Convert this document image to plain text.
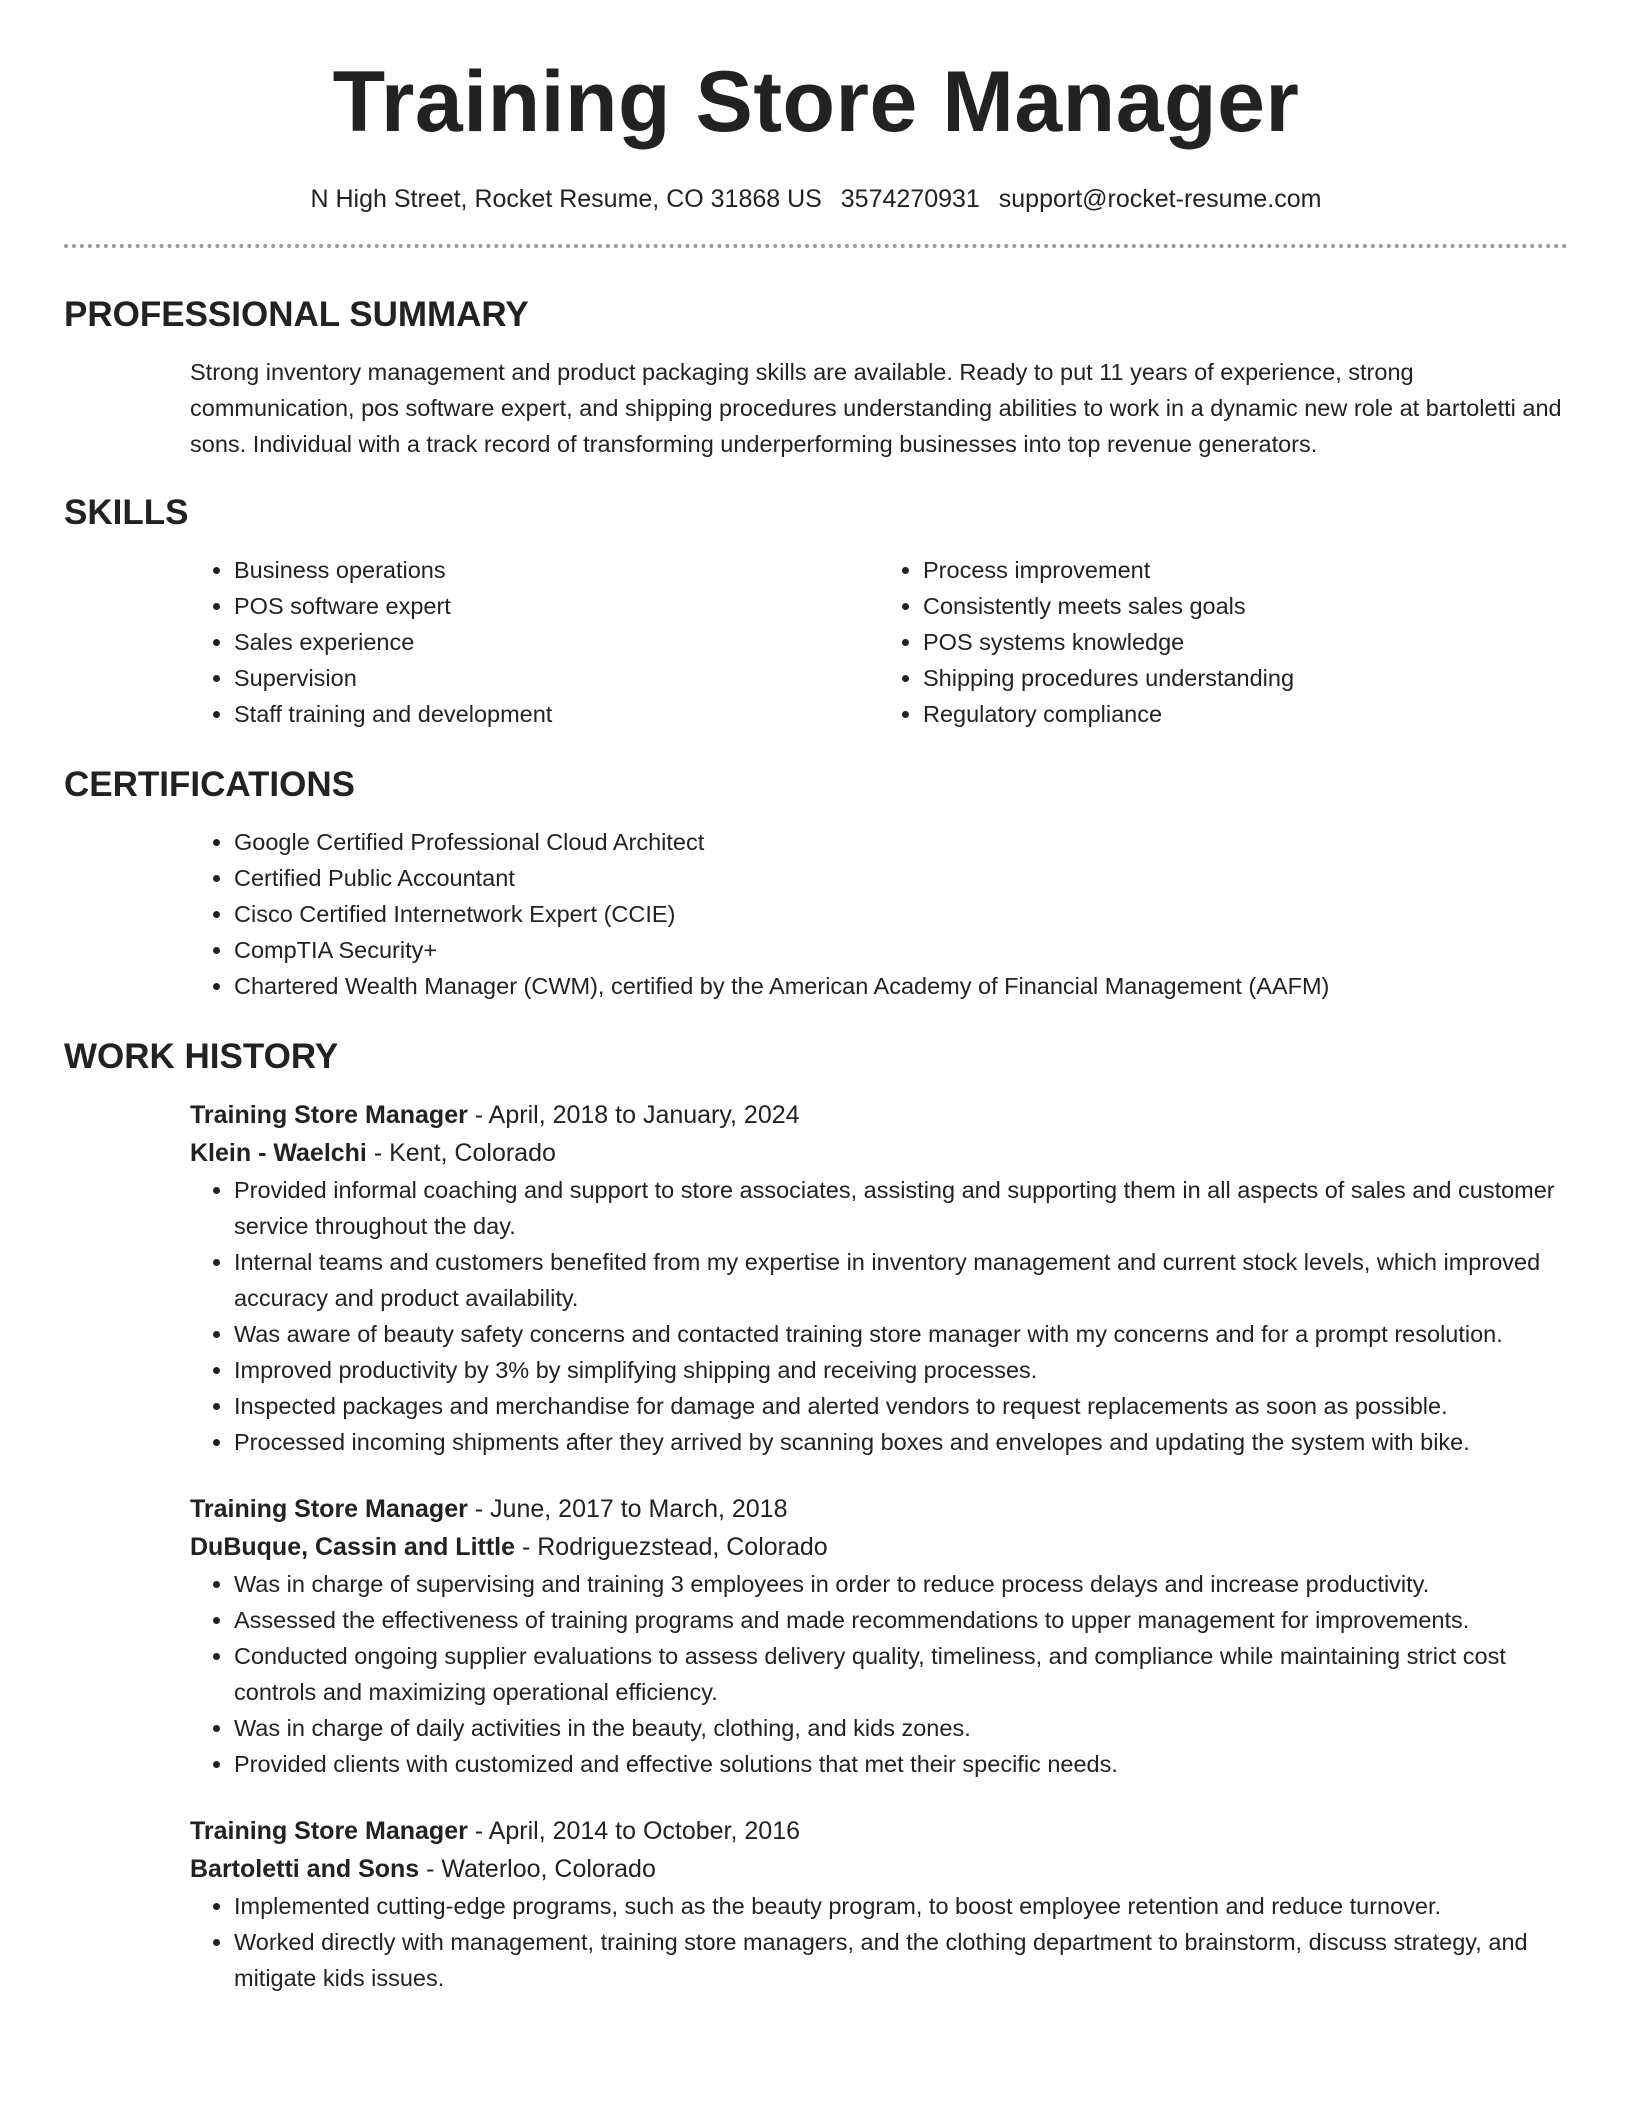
Training Store Manager
N High Street, Rocket Resume, CO 31868 US 3574270931 support@rocket-resume.com
PROFESSIONAL SUMMARY

Strong inventory management and product packaging skills are available. Ready to put 11 years of experience, strong communication, pos software expert, and shipping procedures understanding abilities to work in a dynamic new role at bartoletti and sons. Individual with a track record of transforming underperforming businesses into top revenue generators.

SKILLS
• Business operations
• POS software expert
• Sales experience
• Supervision
• Staff training and development
• Process improvement
• Consistently meets sales goals
• POS systems knowledge
• Shipping procedures understanding
• Regulatory compliance
CERTIFICATIONS
• Google Certified Professional Cloud Architect
• Certified Public Accountant
• Cisco Certified Internetwork Expert (CCIE)
• CompTIA Security+
• Chartered Wealth Manager (CWM), certified by the American Academy of Financial Management (AAFM)
WORK HISTORY
Training Store Manager - April, 2018 to January, 2024
Klein - Waelchi - Kent, Colorado
• Provided informal coaching and support to store associates, assisting and supporting them in all aspects of sales and customer service throughout the day.
• Internal teams and customers benefited from my expertise in inventory management and current stock levels, which improved accuracy and product availability.
• Was aware of beauty safety concerns and contacted training store manager with my concerns and for a prompt resolution.
• Improved productivity by 3% by simplifying shipping and receiving processes.
• Inspected packages and merchandise for damage and alerted vendors to request replacements as soon as possible.
• Processed incoming shipments after they arrived by scanning boxes and envelopes and updating the system with bike.
Training Store Manager - June, 2017 to March, 2018
DuBuque, Cassin and Little - Rodriguezstead, Colorado
• Was in charge of supervising and training 3 employees in order to reduce process delays and increase productivity.
• Assessed the effectiveness of training programs and made recommendations to upper management for improvements.
• Conducted ongoing supplier evaluations to assess delivery quality, timeliness, and compliance while maintaining strict cost controls and maximizing operational efficiency.
• Was in charge of daily activities in the beauty, clothing, and kids zones.
• Provided clients with customized and effective solutions that met their specific needs.
Training Store Manager - April, 2014 to October, 2016
Bartoletti and Sons - Waterloo, Colorado
• Implemented cutting-edge programs, such as the beauty program, to boost employee retention and reduce turnover.
• Worked directly with management, training store managers, and the clothing department to brainstorm, discuss strategy, and mitigate kids issues.
